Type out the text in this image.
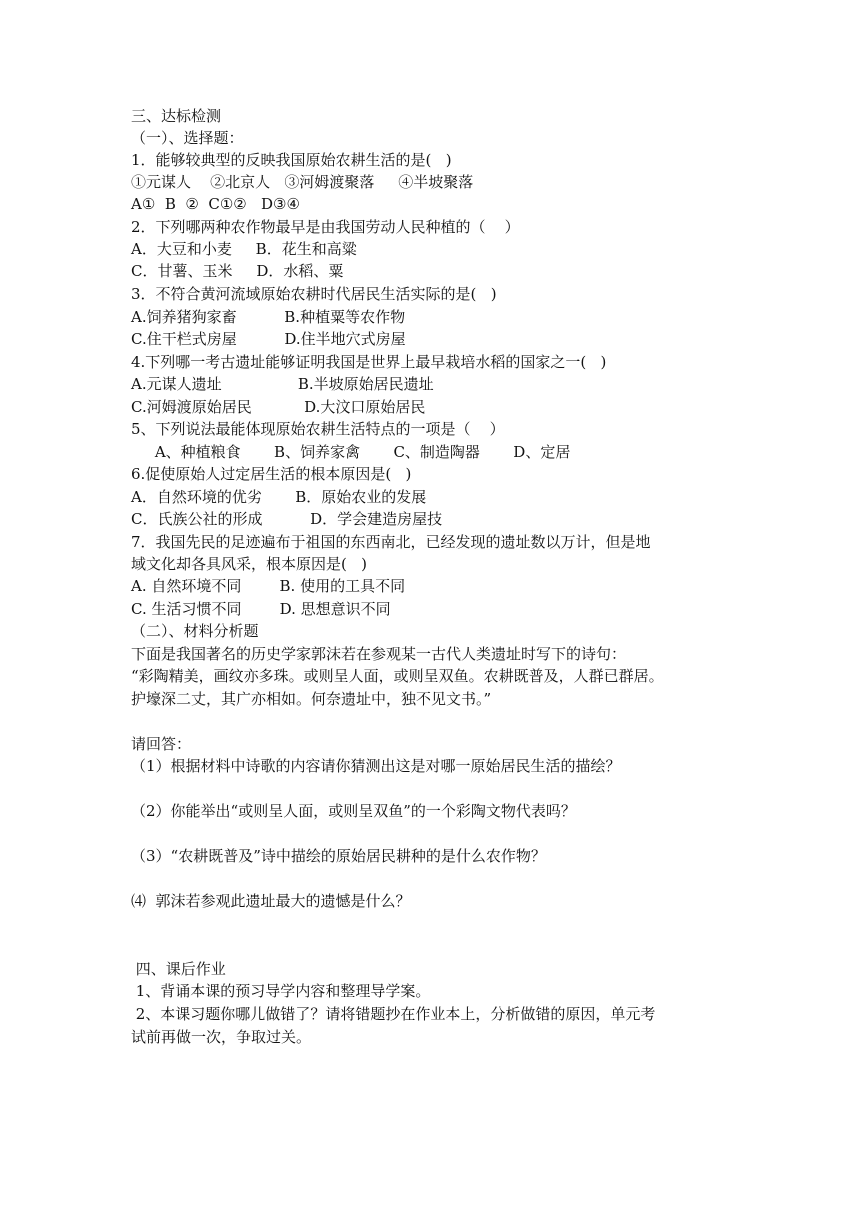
三、达标检测
（一）、选择题：
1．能够较典型的反映我国原始农耕生活的是(   )
①元谋人    ②北京人   ③河姆渡聚落     ④半坡聚落
A①  B  ②  C①②   D③④
2．下列哪两种农作物最早是由我国劳动人民种植的（    ）
A．大豆和小麦     B．花生和高粱
C．甘薯、玉米     D．水稻、粟
3．不符合黄河流域原始农耕时代居民生活实际的是(   )
A.饲养猪狗家畜          B.种植粟等农作物
C.住干栏式房屋          D.住半地穴式房屋
4.下列哪一考古遗址能够证明我国是世界上最早栽培水稻的国家之一(   )
A.元谋人遗址                B.半坡原始居民遗址
C.河姆渡原始居民           D.大汶口原始居民
5、下列说法最能体现原始农耕生活特点的一项是（    ）
A、种植粮食       B、饲养家禽       C、制造陶器       D、定居
6.促使原始人过定居生活的根本原因是(   )
A．自然环境的优劣       B．原始农业的发展
C．氏族公社的形成          D．学会建造房屋技
7．我国先民的足迹遍布于祖国的东西南北，已经发现的遗址数以万计，但是地
域文化却各具风采，根本原因是(   )
A. 自然环境不同        B. 使用的工具不同
C. 生活习惯不同        D. 思想意识不同
（二）、材料分析题
下面是我国著名的历史学家郭沫若在参观某一古代人类遗址时写下的诗句：
“彩陶精美，画纹亦多珠。或则呈人面，或则呈双鱼。农耕既普及，人群已群居。
护壕深二丈，其广亦相如。何奈遗址中，独不见文书。”
请回答：
（1）根据材料中诗歌的内容请你猜测出这是对哪一原始居民生活的描绘？
（2）你能举出“或则呈人面，或则呈双鱼”的一个彩陶文物代表吗？
（3）“农耕既普及”诗中描绘的原始居民耕种的是什么农作物？
⑷  郭沫若参观此遗址最大的遗憾是什么？
四、课后作业
1、背诵本课的预习导学内容和整理导学案。
2、本课习题你哪儿做错了？请将错题抄在作业本上，分析做错的原因，单元考
试前再做一次，争取过关。
